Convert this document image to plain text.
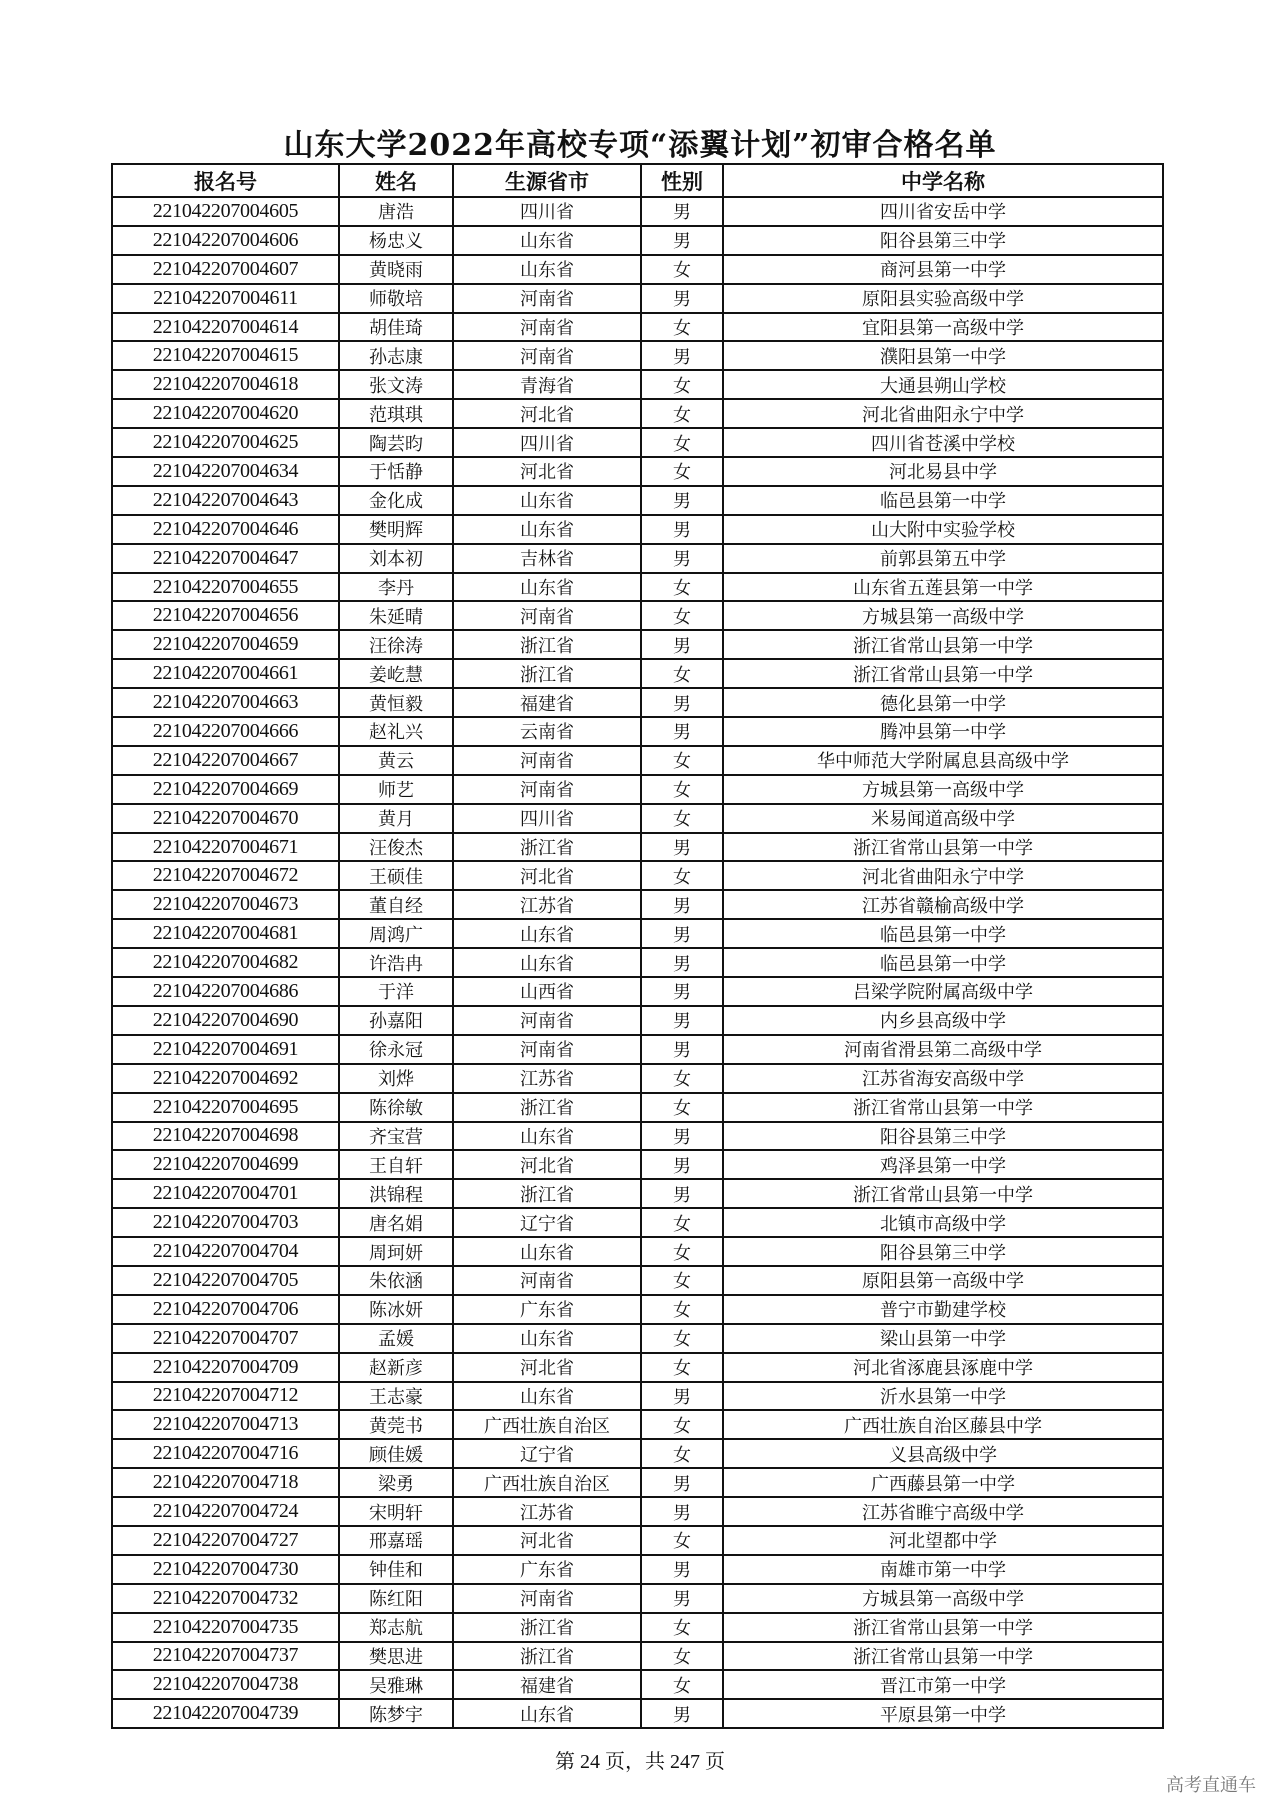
山东大学2022年高校专项“添翼计划”初审合格名单
报名号	姓名	生源省市	性别	中学名称
221042207004605	唐浩	四川省	男	四川省安岳中学
221042207004606	杨忠义	山东省	男	阳谷县第三中学
221042207004607	黄晓雨	山东省	女	商河县第一中学
221042207004611	师敬培	河南省	男	原阳县实验高级中学
221042207004614	胡佳琦	河南省	女	宜阳县第一高级中学
221042207004615	孙志康	河南省	男	濮阳县第一中学
221042207004618	张文涛	青海省	女	大通县朔山学校
221042207004620	范琪琪	河北省	女	河北省曲阳永宁中学
221042207004625	陶芸昀	四川省	女	四川省苍溪中学校
221042207004634	于恬静	河北省	女	河北易县中学
221042207004643	金化成	山东省	男	临邑县第一中学
221042207004646	樊明辉	山东省	男	山大附中实验学校
221042207004647	刘本初	吉林省	男	前郭县第五中学
221042207004655	李丹	山东省	女	山东省五莲县第一中学
221042207004656	朱延晴	河南省	女	方城县第一高级中学
221042207004659	汪徐涛	浙江省	男	浙江省常山县第一中学
221042207004661	姜屹慧	浙江省	女	浙江省常山县第一中学
221042207004663	黄恒毅	福建省	男	德化县第一中学
221042207004666	赵礼兴	云南省	男	腾冲县第一中学
221042207004667	黄云	河南省	女	华中师范大学附属息县高级中学
221042207004669	师艺	河南省	女	方城县第一高级中学
221042207004670	黄月	四川省	女	米易闻道高级中学
221042207004671	汪俊杰	浙江省	男	浙江省常山县第一中学
221042207004672	王硕佳	河北省	女	河北省曲阳永宁中学
221042207004673	董自经	江苏省	男	江苏省赣榆高级中学
221042207004681	周鸿广	山东省	男	临邑县第一中学
221042207004682	许浩冉	山东省	男	临邑县第一中学
221042207004686	于洋	山西省	男	吕梁学院附属高级中学
221042207004690	孙嘉阳	河南省	男	内乡县高级中学
221042207004691	徐永冠	河南省	男	河南省滑县第二高级中学
221042207004692	刘烨	江苏省	女	江苏省海安高级中学
221042207004695	陈徐敏	浙江省	女	浙江省常山县第一中学
221042207004698	齐宝营	山东省	男	阳谷县第三中学
221042207004699	王自轩	河北省	男	鸡泽县第一中学
221042207004701	洪锦程	浙江省	男	浙江省常山县第一中学
221042207004703	唐名娟	辽宁省	女	北镇市高级中学
221042207004704	周珂妍	山东省	女	阳谷县第三中学
221042207004705	朱依涵	河南省	女	原阳县第一高级中学
221042207004706	陈冰妍	广东省	女	普宁市勤建学校
221042207004707	孟媛	山东省	女	梁山县第一中学
221042207004709	赵新彦	河北省	女	河北省涿鹿县涿鹿中学
221042207004712	王志豪	山东省	男	沂水县第一中学
221042207004713	黄莞书	广西壮族自治区	女	广西壮族自治区藤县中学
221042207004716	顾佳媛	辽宁省	女	义县高级中学
221042207004718	梁勇	广西壮族自治区	男	广西藤县第一中学
221042207004724	宋明轩	江苏省	男	江苏省睢宁高级中学
221042207004727	邢嘉瑶	河北省	女	河北望都中学
221042207004730	钟佳和	广东省	男	南雄市第一中学
221042207004732	陈红阳	河南省	男	方城县第一高级中学
221042207004735	郑志航	浙江省	女	浙江省常山县第一中学
221042207004737	樊思进	浙江省	女	浙江省常山县第一中学
221042207004738	吴雅琳	福建省	女	晋江市第一中学
221042207004739	陈梦宇	山东省	男	平原县第一中学
第 24 页，共 247 页
高考直通车
